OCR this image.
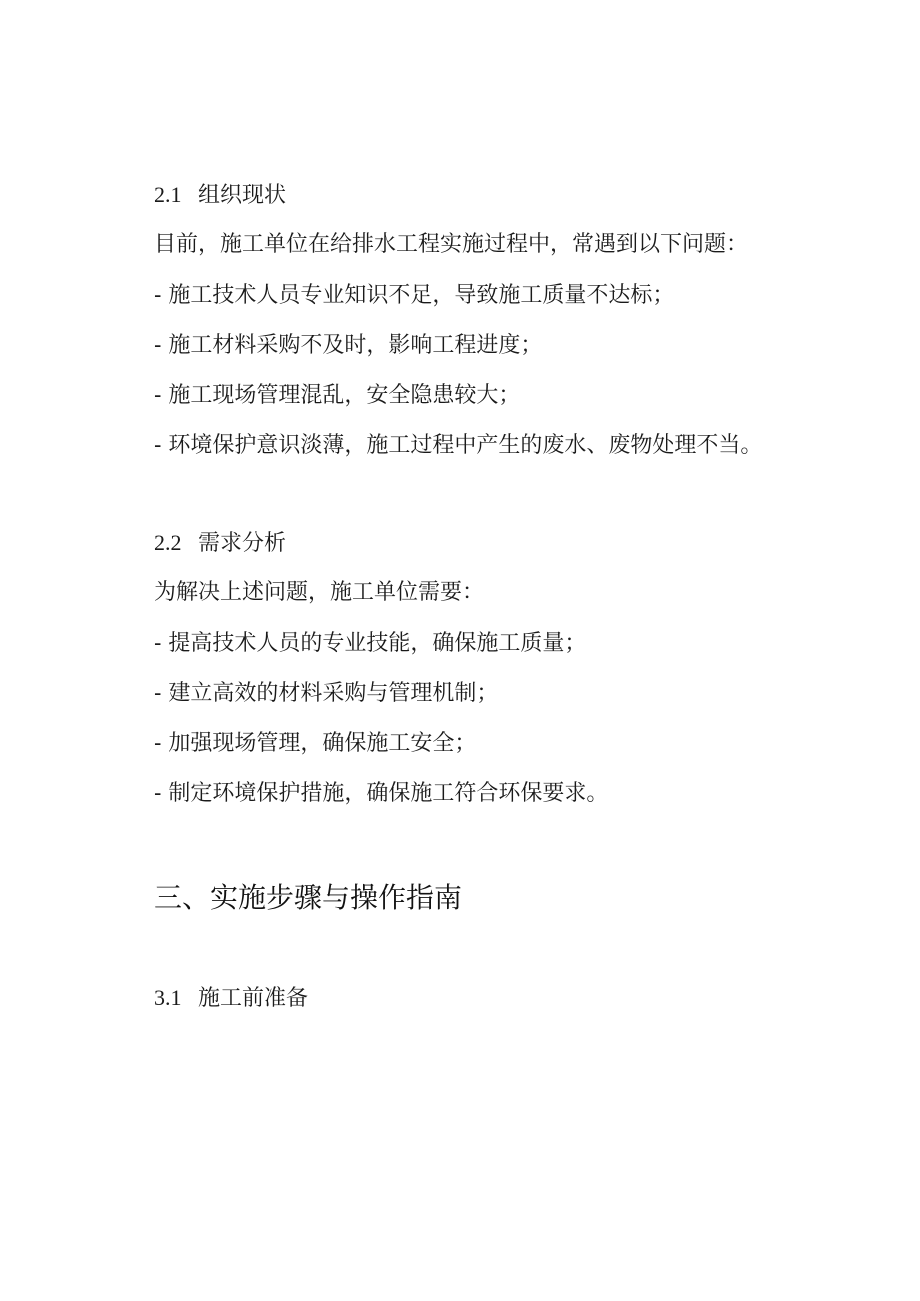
2.1 组织现状
目前，施工单位在给排水工程实施过程中，常遇到以下问题：
- 施工技术人员专业知识不足，导致施工质量不达标；
- 施工材料采购不及时，影响工程进度；
- 施工现场管理混乱，安全隐患较大；
- 环境保护意识淡薄，施工过程中产生的废水、废物处理不当。
2.2 需求分析
为解决上述问题，施工单位需要：
- 提高技术人员的专业技能，确保施工质量；
- 建立高效的材料采购与管理机制；
- 加强现场管理，确保施工安全；
- 制定环境保护措施，确保施工符合环保要求。
三、实施步骤与操作指南
3.1 施工前准备
